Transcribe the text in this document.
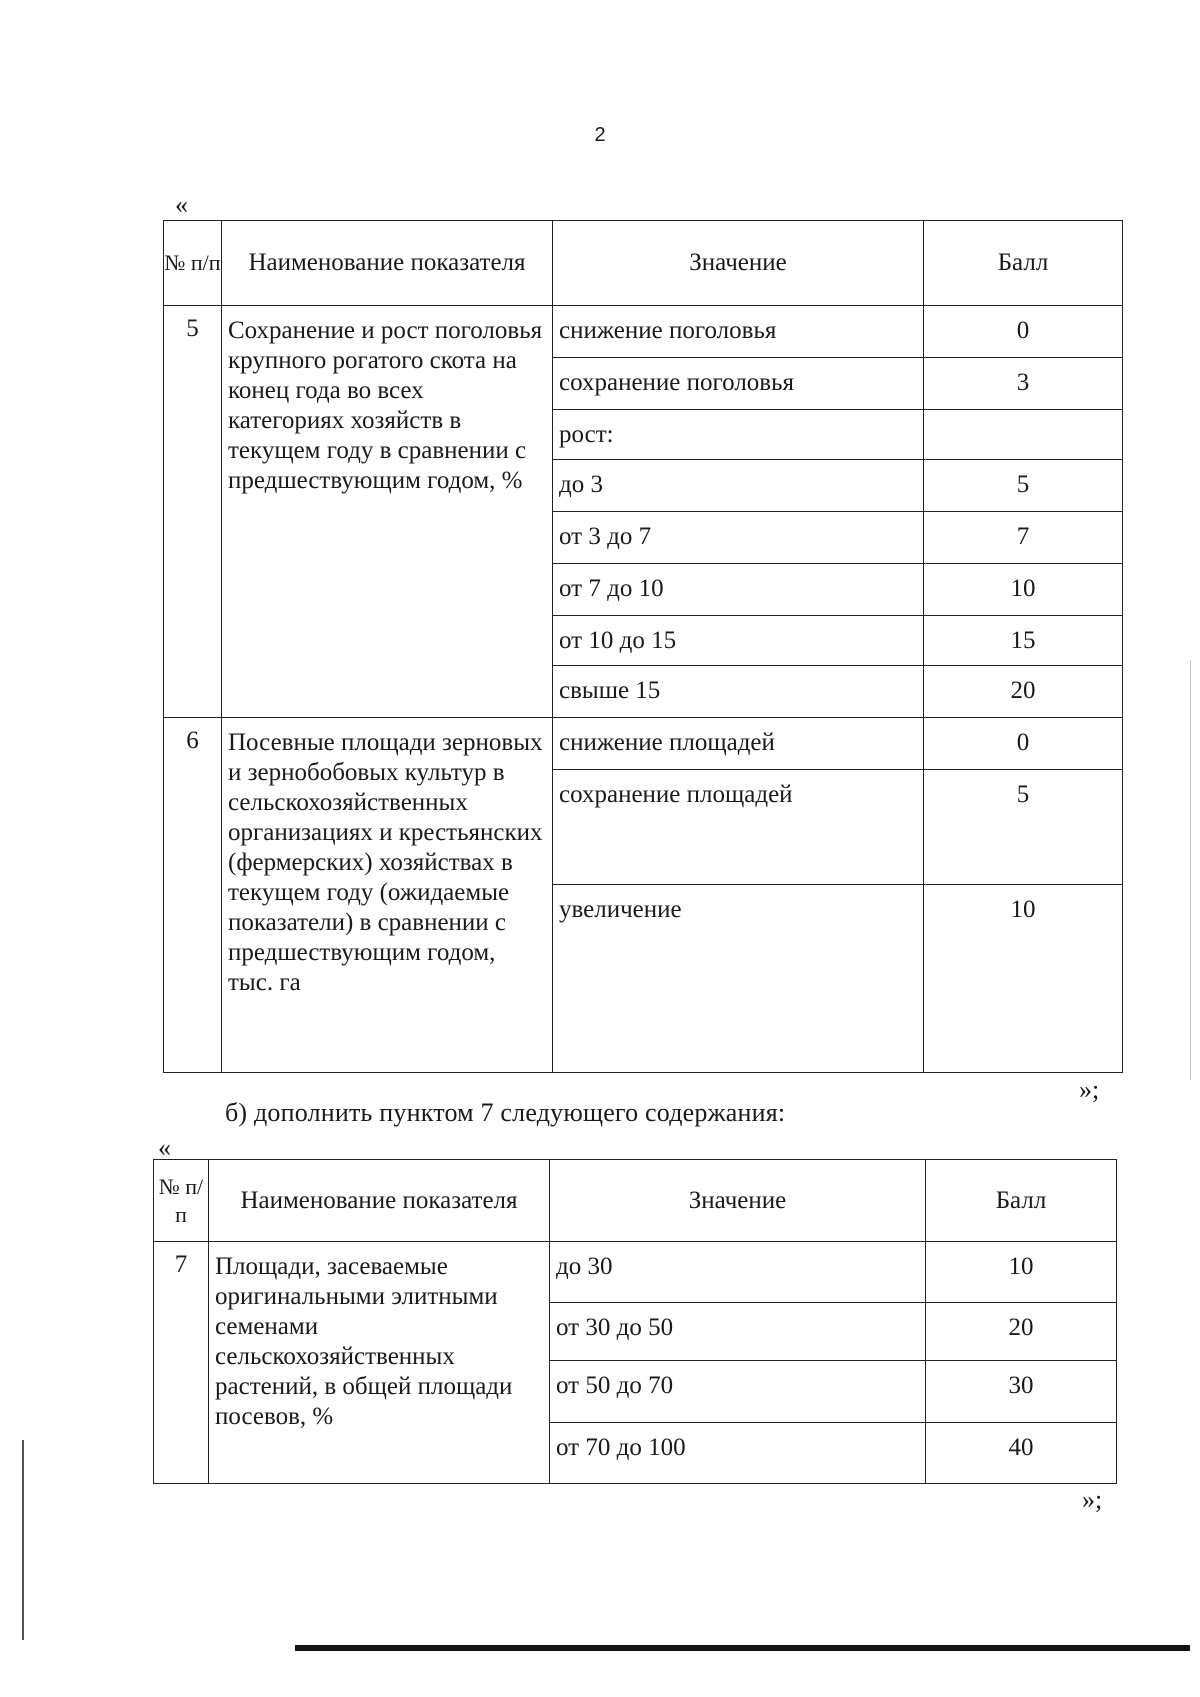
2
«
№ п/п	Наименование показателя	Значение	Балл
5	Сохранение и рост поголовья крупного рогатого скота на конец года во всех категориях хозяйств в текущем году в сравнении с предшествующим годом, %	снижение поголовья	0
		сохранение поголовья	3
		рост:	
		до 3	5
		от 3 до 7	7
		от 7 до 10	10
		от 10 до 15	15
		свыше 15	20
6	Посевные площади зерновых и зернобобовых культур в сельскохозяйственных организациях и крестьянских (фермерских) хозяйствах в текущем году (ожидаемые показатели) в сравнении с предшествующим годом, тыс. га	снижение площадей	0
		сохранение площадей	5
		увеличение	10
»;
б) дополнить пунктом 7 следующего содержания:
«
№ п/п	Наименование показателя	Значение	Балл
7	Площади, засеваемые оригинальными элитными семенами сельскохозяйственных растений, в общей площади посевов, %	до 30	10
		от 30 до 50	20
		от 50 до 70	30
		от 70 до 100	40
»;
